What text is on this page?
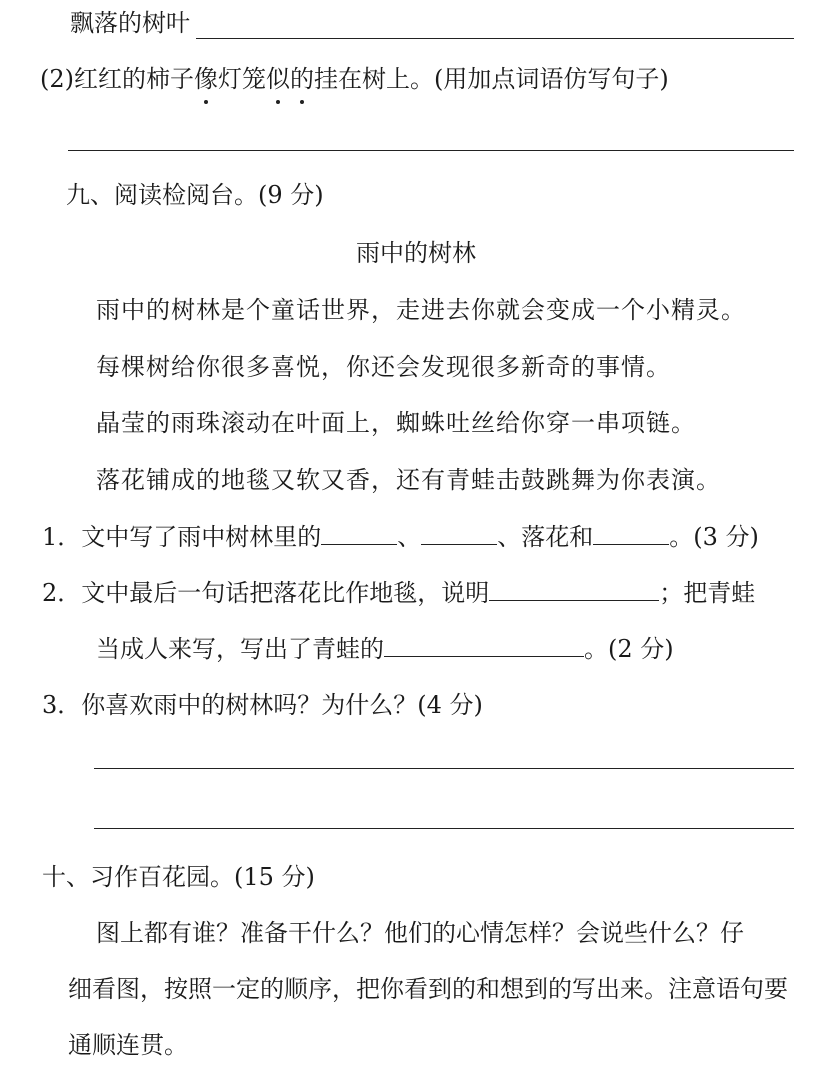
飘落的树叶
(2)红红的柿子像灯笼似的挂在树上。(用加点词语仿写句子)
九、阅读检阅台。(9 分)
雨中的树林
雨中的树林是个童话世界，走进去你就会变成一个小精灵。
每棵树给你很多喜悦，你还会发现很多新奇的事情。
晶莹的雨珠滚动在叶面上，蜘蛛吐丝给你穿一串项链。
落花铺成的地毯又软又香，还有青蛙击鼓跳舞为你表演。
1．文中写了雨中树林里的	、	、落花和	。(3 分)
2．文中最后一句话把落花比作地毯，说明	；把青蛙
当成人来写，写出了青蛙的	。(2 分)
3．你喜欢雨中的树林吗？为什么？(4 分)
十、习作百花园。(15 分)
图上都有谁？准备干什么？他们的心情怎样？会说些什么？仔
细看图，按照一定的顺序，把你看到的和想到的写出来。注意语句要
通顺连贯。
